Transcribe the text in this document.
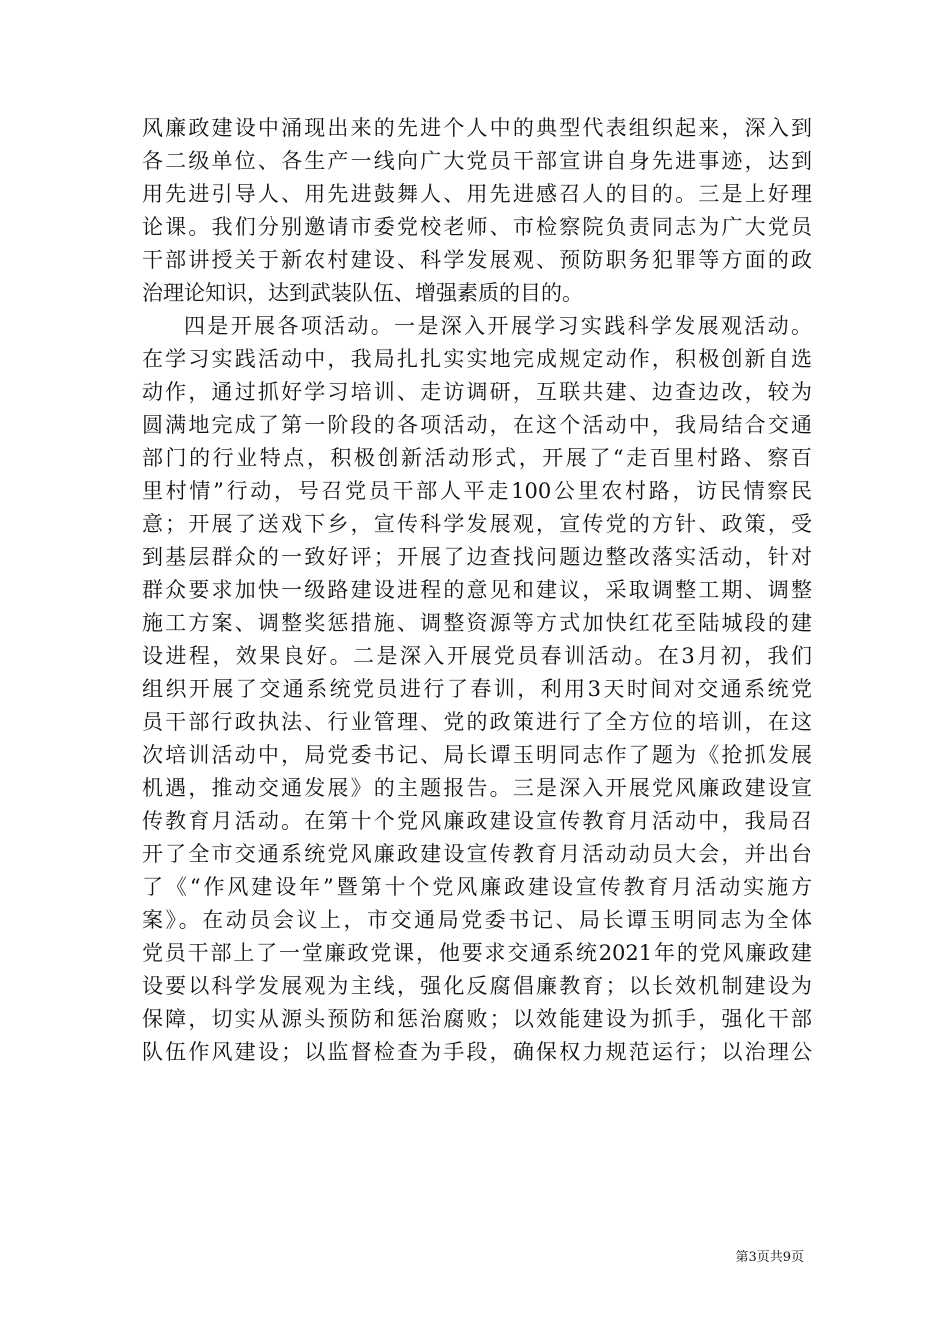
风廉政建设中涌现出来的先进个人中的典型代表组织起来，深入到
各二级单位、各生产一线向广大党员干部宣讲自身先进事迹，达到
用先进引导人、用先进鼓舞人、用先进感召人的目的。三是上好理
论课。我们分别邀请市委党校老师、市检察院负责同志为广大党员
干部讲授关于新农村建设、科学发展观、预防职务犯罪等方面的政
治理论知识，达到武装队伍、增强素质的目的。
四是开展各项活动。一是深入开展学习实践科学发展观活动。
在学习实践活动中，我局扎扎实实地完成规定动作，积极创新自选
动作，通过抓好学习培训、走访调研，互联共建、边查边改，较为
圆满地完成了第一阶段的各项活动，在这个活动中，我局结合交通
部门的行业特点，积极创新活动形式，开展了“走百里村路、察百
里村情”行动，号召党员干部人平走100公里农村路，访民情察民
意；开展了送戏下乡，宣传科学发展观，宣传党的方针、政策，受
到基层群众的一致好评；开展了边查找问题边整改落实活动，针对
群众要求加快一级路建设进程的意见和建议，采取调整工期、调整
施工方案、调整奖惩措施、调整资源等方式加快红花至陆城段的建
设进程，效果良好。二是深入开展党员春训活动。在3月初，我们
组织开展了交通系统党员进行了春训，利用3天时间对交通系统党
员干部行政执法、行业管理、党的政策进行了全方位的培训，在这
次培训活动中，局党委书记、局长谭玉明同志作了题为《抢抓发展
机遇，推动交通发展》的主题报告。三是深入开展党风廉政建设宣
传教育月活动。在第十个党风廉政建设宣传教育月活动中，我局召
开了全市交通系统党风廉政建设宣传教育月活动动员大会，并出台
了《“作风建设年”暨第十个党风廉政建设宣传教育月活动实施方
案》。在动员会议上，市交通局党委书记、局长谭玉明同志为全体
党员干部上了一堂廉政党课，他要求交通系统2021年的党风廉政建
设要以科学发展观为主线，强化反腐倡廉教育；以长效机制建设为
保障，切实从源头预防和惩治腐败；以效能建设为抓手，强化干部
队伍作风建设；以监督检查为手段，确保权力规范运行；以治理公
第3页共9页
